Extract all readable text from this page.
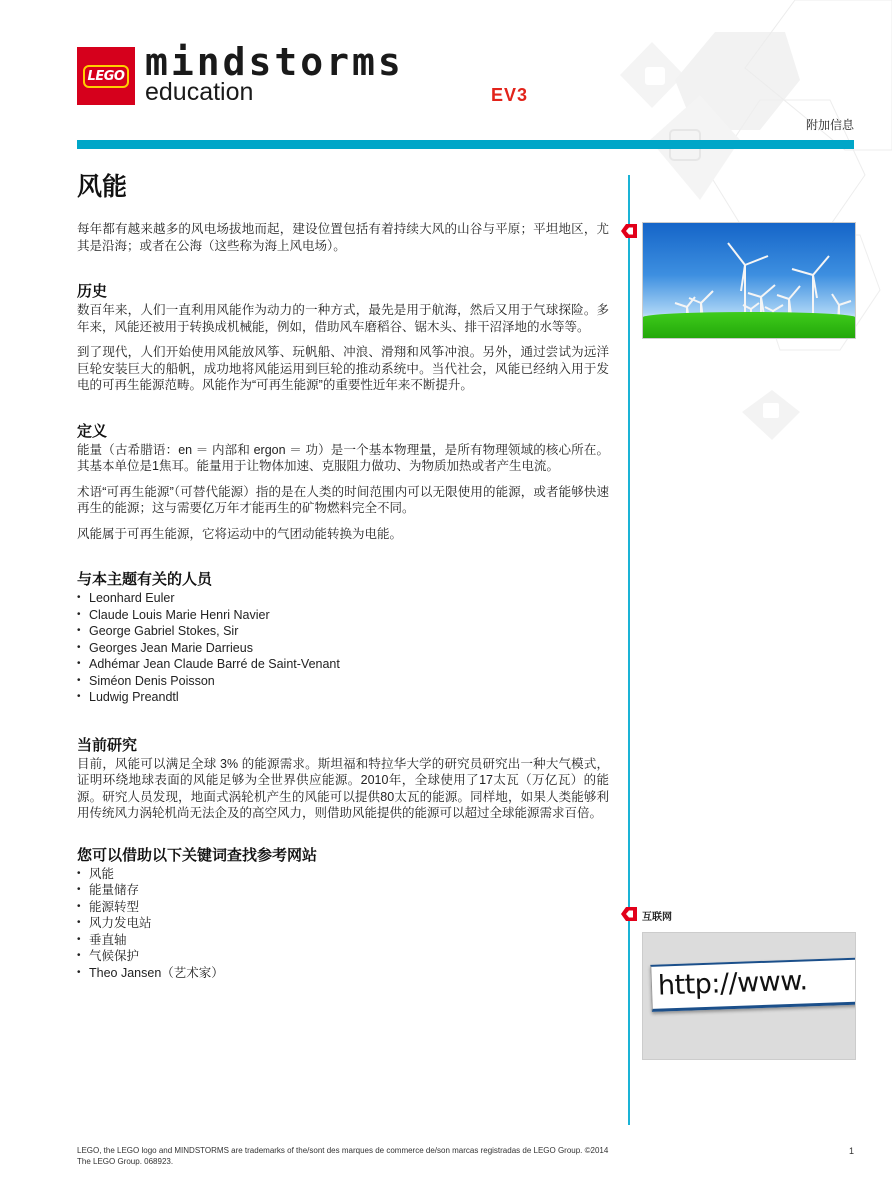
LEGO mindstorms
education	EV3
附加信息
风能

每年都有越来越多的风电场拔地而起，建设位置包括有着持续大风的山谷与平原；平坦地区，尤其是沿海；或者在公海（这些称为海上风电场）。

历史

数百年来，人们一直利用风能作为动力的一种方式，最先是用于航海，然后又用于气球探险。多年来，风能还被用于转换成机械能，例如，借助风车磨稻谷、锯木头、排干沼泽地的水等等。

到了现代，人们开始使用风能放风筝、玩帆船、冲浪、滑翔和风筝冲浪。另外，通过尝试为远洋巨轮安装巨大的船帆，成功地将风能运用到巨轮的推动系统中。当代社会，风能已经纳入用于发电的可再生能源范畴。风能作为“可再生能源”的重要性近年来不断提升。

定义

能量（古希腊语：en ＝ 内部和 ergon ＝ 功）是一个基本物理量，是所有物理领域的核心所在。其基本单位是1焦耳。能量用于让物体加速、克服阻力做功、为物质加热或者产生电流。

术语“可再生能源”（可替代能源）指的是在人类的时间范围内可以无限使用的能源，或者能够快速再生的能源；这与需要亿万年才能再生的矿物燃料完全不同。

风能属于可再生能源，它将运动中的气团动能转换为电能。

与本主题有关的人员
• Leonhard Euler
• Claude Louis Marie Henri Navier
• George Gabriel Stokes, Sir
• Georges Jean Marie Darrieus
• Adhémar Jean Claude Barré de Saint-Venant
• Siméon Denis Poisson
• Ludwig Preandtl
当前研究

目前，风能可以满足全球 3% 的能源需求。斯坦福和特拉华大学的研究员研究出一种大气模式，证明环绕地球表面的风能足够为全世界供应能源。2010年，全球使用了17太瓦（万亿瓦）的能源。研究人员发现，地面式涡轮机产生的风能可以提供80太瓦的能源。同样地，如果人类能够利用传统风力涡轮机尚无法企及的高空风力，则借助风能提供的能源可以超过全球能源需求百倍。

您可以借助以下关键词查找参考网站
• 风能
• 能量储存
• 能源转型
• 风力发电站
• 垂直轴
• 气候保护
• Theo Jansen（艺术家）
互联网
http://www.
LEGO, the LEGO logo and MINDSTORMS are trademarks of the/sont des marques de commerce de/son marcas registradas de LEGO Group. ©2014 The LEGO Group. 068923.
1
